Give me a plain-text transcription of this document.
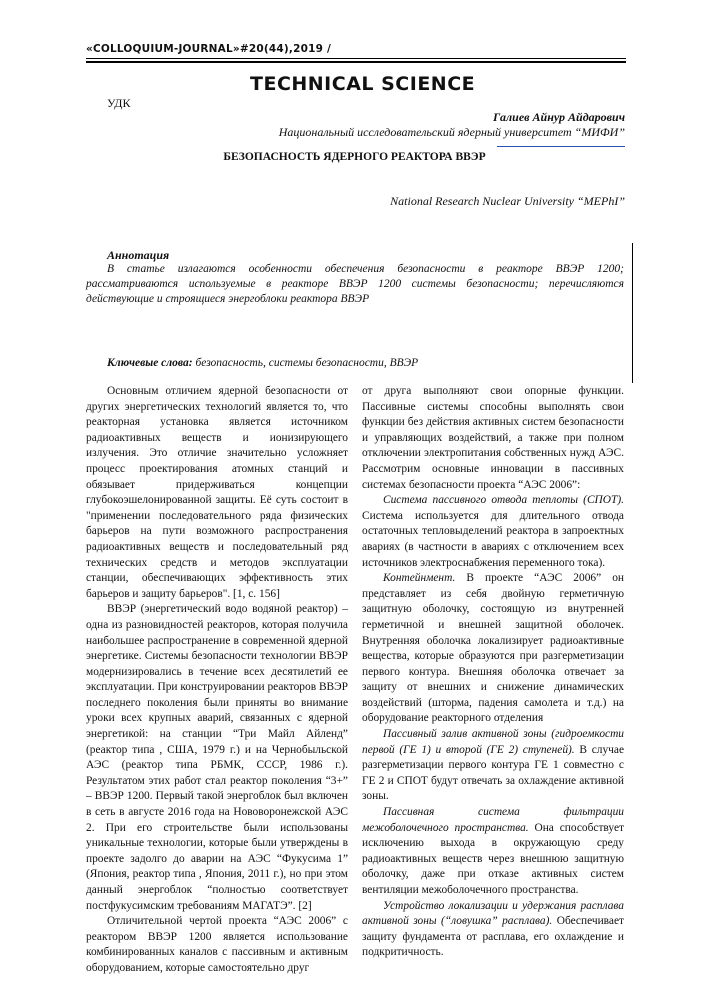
«COLLOQUIUM-JOURNAL»#20(44),2019 /
TECHNICAL SCIENCE
УДК
Галиев Айнур Айдарович
Национальный исследовательский ядерный университет “МИФИ”
БЕЗОПАСНОСТЬ ЯДЕРНОГО РЕАКТОРА ВВЭР
National Research Nuclear University “MEPhI”
Аннотация

В статье излагаются особенности обеспечения безопасности в реакторе ВВЭР 1200; рассматриваются используемые в реакторе ВВЭР 1200 системы безопасности; перечисляются действующие и строящиеся энергоблоки реактора ВВЭР

Ключевые слова: безопасность, системы безопасности, ВВЭР

Основным отличием ядерной безопасности от других энергетических технологий является то, что реакторная установка является источником радиоактивных веществ и ионизирующего излучения. Это отличие значительно усложняет процесс проектирования атомных станций и обязывает придерживаться концепции глубокоэшелонированной защиты. Её суть состоит в "применении последовательного ряда физических барьеров на пути возможного распространения радиоактивных веществ и последовательный ряд технических средств и методов эксплуатации станции, обеспечивающих эффективность этих барьеров и защиту барьеров". [1, с. 156]

ВВЭР (энергетический водо водяной реактор) – одна из разновидностей реакторов, которая получила наибольшее распространение в современной ядерной энергетике. Системы безопасности технологии ВВЭР модернизировались в течение всех десятилетий ее эксплуатации. При конструировании реакторов ВВЭР последнего поколения были приняты во внимание уроки всех крупных аварий, связанных с ядерной энергетикой: на станции “Три Майл Айленд” (реактор типа , США, 1979 г.) и на Чернобыльской АЭС (реактор типа РБМК, СССР, 1986 г.). Результатом этих работ стал реактор поколения “3+” – ВВЭР 1200. Первый такой энергоблок был включен в сеть в августе 2016 года на Нововоронежской АЭС 2. При его строительстве были использованы уникальные технологии, которые были утверждены в проекте задолго до аварии на АЭС “Фукусима 1” (Япония, реактор типа , Япония, 2011 г.), но при этом данный энергоблок “полностью соответствует постфукусимским требованиям МАГАТЭ”. [2]

Отличительной чертой проекта “АЭС 2006” с реактором ВВЭР 1200 является использование комбинированных каналов с пассивным и активным оборудованием, которые самостоятельно друг

от друга выполняют свои опорные функции. Пассивные системы способны выполнять свои функции без действия активных систем безопасности и управляющих воздействий, а также при полном отключении электропитания собственных нужд АЭС. Рассмотрим основные инновации в пассивных системах безопасности проекта “АЭС 2006”:

Система пассивного отвода теплоты (СПОТ). Система используется для длительного отвода остаточных тепловыделений реактора в запроектных авариях (в частности в авариях с отключением всех источников электроснабжения переменного тока).

Контейнмент. В проекте “АЭС 2006” он представляет из себя двойную герметичную защитную оболочку, состоящую из внутренней герметичной и внешней защитной оболочек. Внутренняя оболочка локализирует радиоактивные вещества, которые образуются при разгерметизации первого контура. Внешняя оболочка отвечает за защиту от внешних и снижение динамических воздействий (шторма, падения самолета и т.д.) на оборудование реакторного отделения

Пассивный залив активной зоны (гидроемкости первой (ГЕ 1) и второй (ГЕ 2) ступеней). В случае разгерметизации первого контура ГЕ 1 совместно с ГЕ 2 и СПОТ будут отвечать за охлаждение активной зоны.

Пассивная система фильтрации межоболочечного пространства. Она способствует исключению выхода в окружающую среду радиоактивных веществ через внешнюю защитную оболочку, даже при отказе активных систем вентиляции межоболочечного пространства.

Устройство локализации и удержания расплава активной зоны (“ловушка” расплава). Обеспечивает защиту фундамента от расплава, его охлаждение и подкритичность.
